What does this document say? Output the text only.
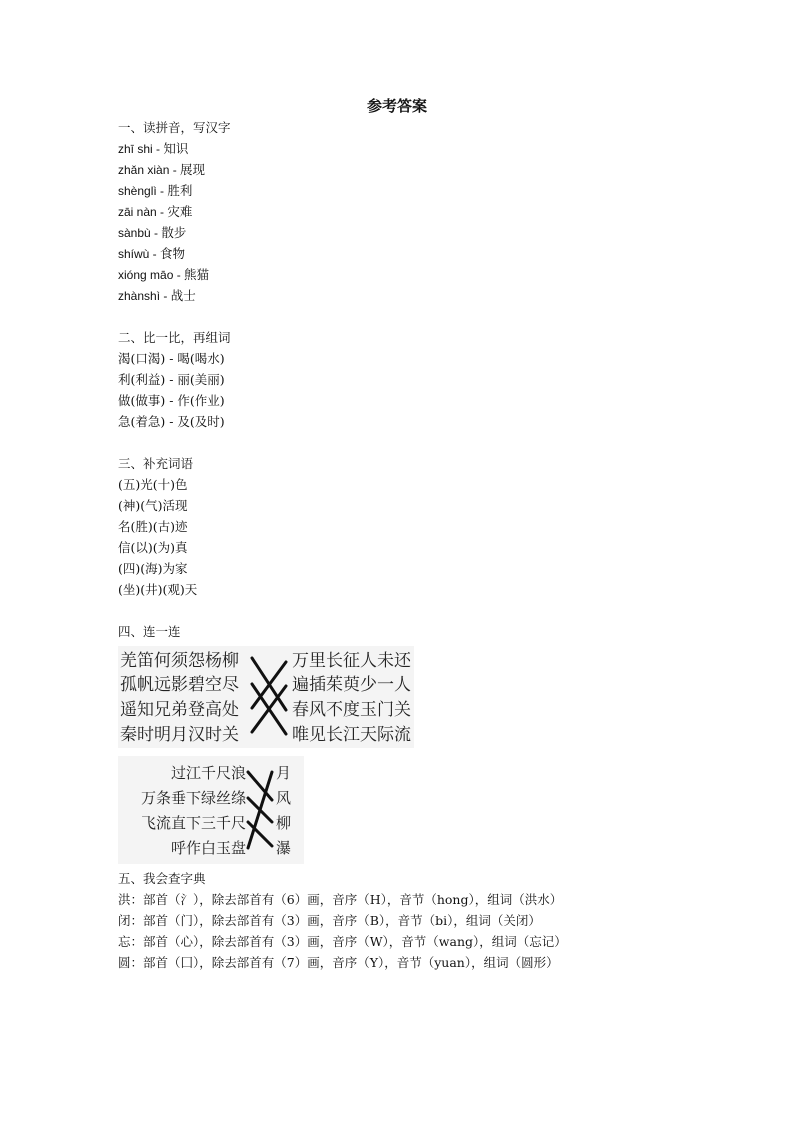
参考答案
一、读拼音，写汉字
zhī shi - 知识
zhǎn xiàn - 展现
shènglì - 胜利
zāi nàn - 灾难
sànbù - 散步
shíwù - 食物
xióng māo - 熊猫
zhànshì - 战士
二、比一比，再组词
渴(口渴) - 喝(喝水)
利(利益) - 丽(美丽)
做(做事) - 作(作业)
急(着急) - 及(及时)
三、补充词语
(五)光(十)色
(神)(气)活现
名(胜)(古)迹
信(以)(为)真
(四)(海)为家
(坐)(井)(观)天
四、连一连
羌笛何须怨杨柳
孤帆远影碧空尽
遥知兄弟登高处
秦时明月汉时关
万里长征人未还
遍插茱萸少一人
春风不度玉门关
唯见长江天际流
过江千尺浪
万条垂下绿丝绦
飞流直下三千尺
呼作白玉盘
月
风
柳
瀑
五、我会查字典
洪：部首（氵），除去部首有（6）画，音序（H），音节（hong），组词（洪水）
闭：部首（门），除去部首有（3）画，音序（B），音节（bi），组词（关闭）
忘：部首（心），除去部首有（3）画，音序（W），音节（wang），组词（忘记）
圆：部首（囗），除去部首有（7）画，音序（Y），音节（yuan），组词（圆形）
